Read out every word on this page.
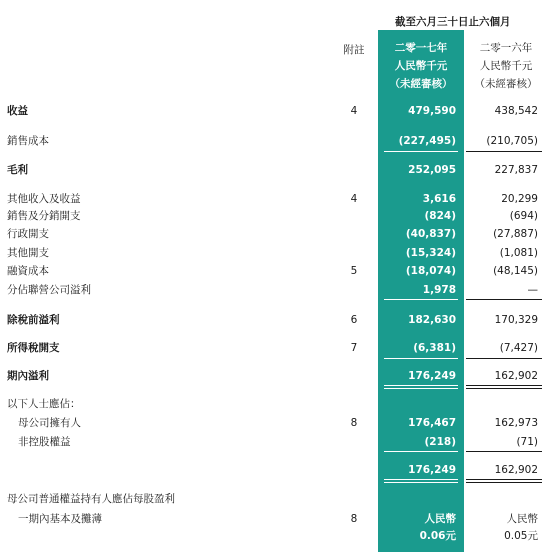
截至六月三十日止六個月
附註	二零一七年
人民幣千元
（未經審核）
二零一六年
人民幣千元
（未經審核）
收益	4	479,590	438,542
銷售成本	(227,495)	(210,705)
毛利	252,095	227,837
其他收入及收益	4	3,616	20,299
銷售及分銷開支	(824)	(694)
行政開支	(40,837)	(27,887)
其他開支	(15,324)	(1,081)
融資成本	5	(18,074)	(48,145)
分佔聯營公司溢利	1,978	—
除稅前溢利	6	182,630	170,329
所得稅開支	7	(6,381)	(7,427)
期內溢利	176,249	162,902
以下人士應佔：
母公司擁有人	8	176,467	162,973
非控股權益	(218)	(71)
176,249	162,902
母公司普通權益持有人應佔每股盈利
一期內基本及攤薄	8	人民幣	人民幣
0.06元	0.05元
